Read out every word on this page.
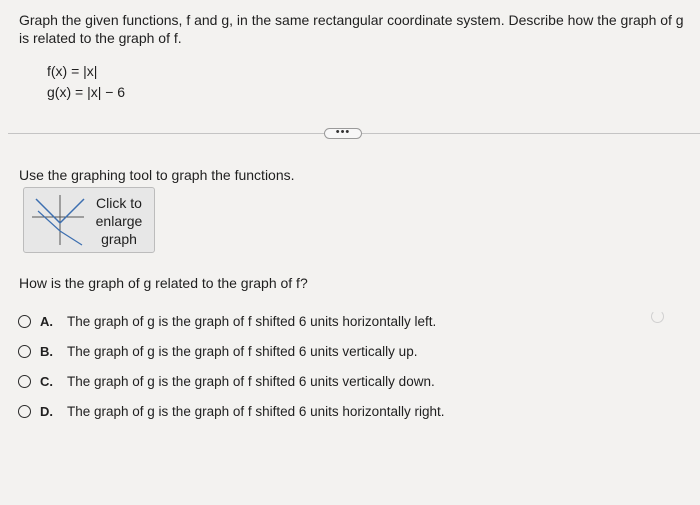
Graph the given functions, f and g, in the same rectangular coordinate system. Describe how the graph of g is related to the graph of f.
f(x) = |x|
g(x) = |x| − 6
•••
Use the graphing tool to graph the functions.
Click to
enlarge
graph
How is the graph of g related to the graph of f?
A.	The graph of g is the graph of f shifted 6 units horizontally left.
B.	The graph of g is the graph of f shifted 6 units vertically up.
C.	The graph of g is the graph of f shifted 6 units vertically down.
D.	The graph of g is the graph of f shifted 6 units horizontally right.
